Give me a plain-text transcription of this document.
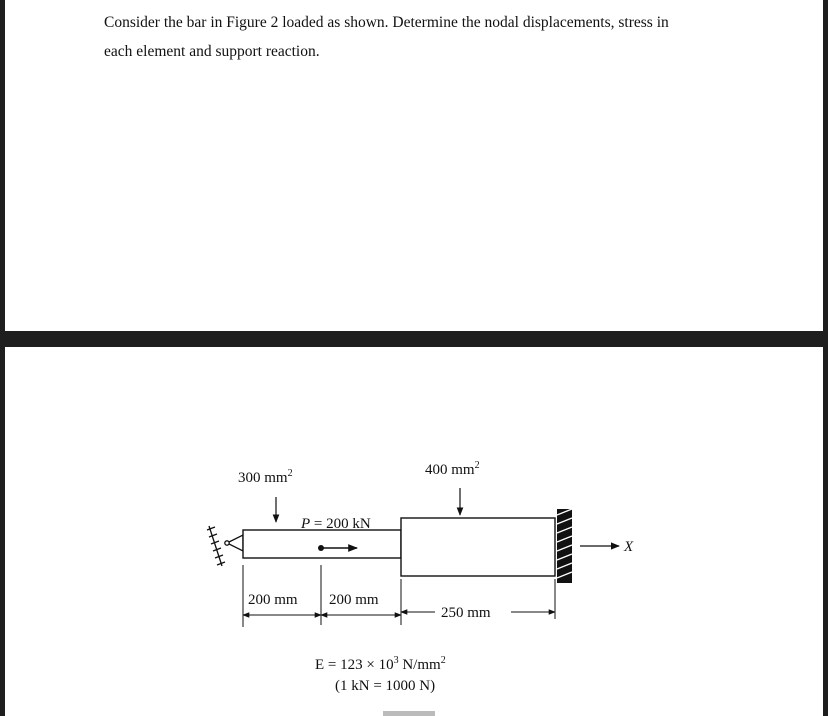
Consider the bar in Figure 2 loaded as shown. Determine the nodal displacements, stress in
each element and support reaction.

X
300 $mm^2$	400 $mm^2$
P = 200 kN
200 mm 200 mm
250 mm
$E = 123 \times 10^3$ $N/mm^2$
(1 kN = 1000 N)
